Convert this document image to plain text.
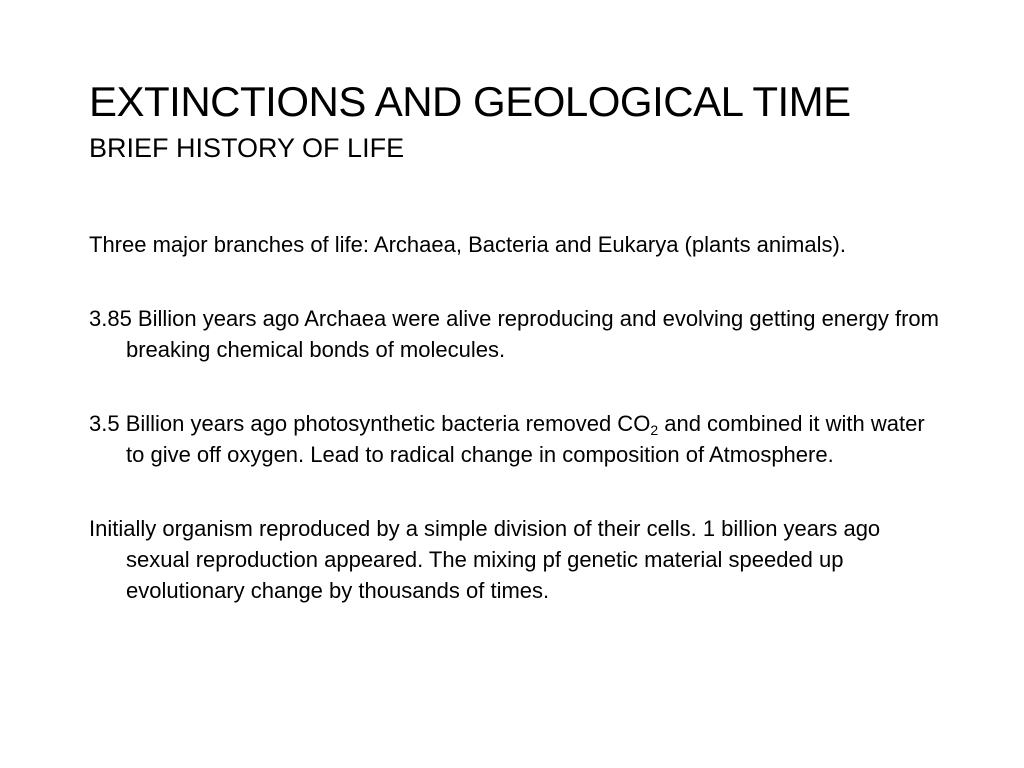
EXTINCTIONS AND GEOLOGICAL TIME
BRIEF HISTORY OF LIFE

Three major branches of life: Archaea, Bacteria and Eukarya (plants animals).

3.85 Billion years ago Archaea were alive reproducing and evolving getting energy from breaking chemical bonds of molecules.

3.5 Billion years ago photosynthetic bacteria removed $CO_2$ and combined it with water to give off oxygen. Lead to radical change in composition of Atmosphere.

Initially organism reproduced by a simple division of their cells. 1 billion years ago sexual reproduction appeared. The mixing pf genetic material speeded up evolutionary change by thousands of times.
